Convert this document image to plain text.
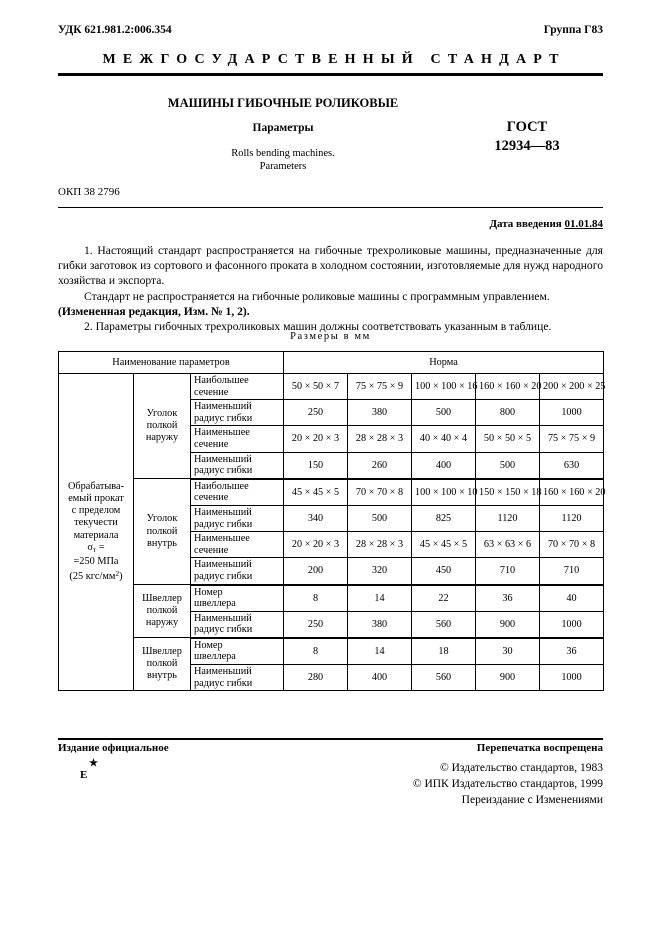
УДК 621.981.2:006.354	Группа Г83
МЕЖГОСУДАРСТВЕННЫЙ СТАНДАРТ
МАШИНЫ ГИБОЧНЫЕ РОЛИКОВЫЕ
Параметры
Rolls bending machines.
Parameters
ГОСТ
12934—83
ОКП 38 2796
Дата введения 01.01.84

1. Настоящий стандарт распространяется на гибочные трехроликовые машины, предназначенные для гибки заготовок из сортового и фасонного проката в холодном состоянии, изготовляемые для нужд народного хозяйства и экспорта.

Стандарт не распространяется на гибочные роликовые машины с программным управлением.

(Измененная редакция, Изм. № 1, 2).

2. Параметры гибочных трехроликовых машин должны соответствовать указанным в таблице.

Размеры в мм
Наименование параметров			Норма				
Обрабатыва-
емый прокат
с пределом
текучести
материала
$\sigma_т$ =
=250 МПа
(25 кгс/$мм^2$)	Уголок
полкой
наружу	Наибольшее
сечение	50 × 50 × 7	75 × 75 × 9	100 × 100 × 16	160 × 160 × 20	200 × 200 × 25
		Наименьший
радиус гибки	250	380	500	800	1000
		Наименьшее
сечение	20 × 20 × 3	28 × 28 × 3	40 × 40 × 4	50 × 50 × 5	75 × 75 × 9
		Наименьший
радиус гибки	150	260	400	500	630
	Уголок
полкой
внутрь	Наибольшее
сечение	45 × 45 × 5	70 × 70 × 8	100 × 100 × 10	150 × 150 × 18	160 × 160 × 20
		Наименьший
радиус гибки	340	500	825	1120	1120
		Наименьшее
сечение	20 × 20 × 3	28 × 28 × 3	45 × 45 × 5	63 × 63 × 6	70 × 70 × 8
		Наименьший
радиус гибки	200	320	450	710	710
	Швеллер
полкой
наружу	Номер
швеллера	8	14	22	36	40
		Наименьший
радиус гибки	250	380	560	900	1000
	Швеллер
полкой
внутрь	Номер
швеллера	8	14	18	30	36
		Наименьший
радиус гибки	280	400	560	900	1000
Издание официальное	Перепечатка воспрещена
★
Е
© Издательство стандартов, 1983
© ИПК Издательство стандартов, 1999
Переиздание с Изменениями
